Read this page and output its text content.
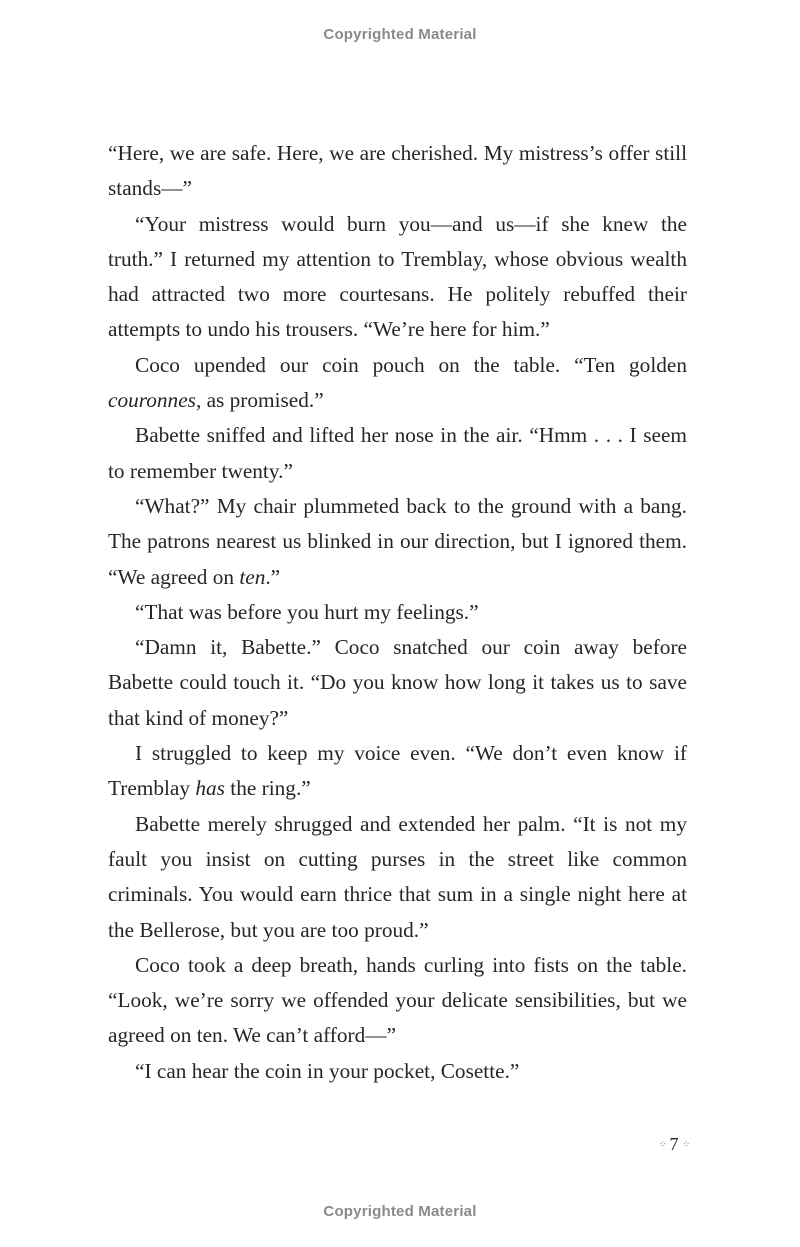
Copyrighted Material

“Here, we are safe. Here, we are cherished. My mistress’s offer still stands—”

“Your mistress would burn you—and us—if she knew the truth.” I returned my attention to Tremblay, whose obvious wealth had attracted two more courtesans. He politely rebuffed their attempts to undo his trousers. “We’re here for him.”

Coco upended our coin pouch on the table. “Ten golden couronnes, as promised.”

Babette sniffed and lifted her nose in the air. “Hmm . . . I seem to remember twenty.”

“What?” My chair plummeted back to the ground with a bang. The patrons nearest us blinked in our direction, but I ignored them. “We agreed on ten.”

“That was before you hurt my feelings.”

“Damn it, Babette.” Coco snatched our coin away before Babette could touch it. “Do you know how long it takes us to save that kind of money?”

I struggled to keep my voice even. “We don’t even know if Tremblay has the ring.”

Babette merely shrugged and extended her palm. “It is not my fault you insist on cutting purses in the street like common criminals. You would earn thrice that sum in a single night here at the Bellerose, but you are too proud.”

Coco took a deep breath, hands curling into fists on the table. “Look, we’re sorry we offended your delicate sensibilities, but we agreed on ten. We can’t afford—”

“I can hear the coin in your pocket, Cosette.”

⁘ 7 ⁘
Copyrighted Material
